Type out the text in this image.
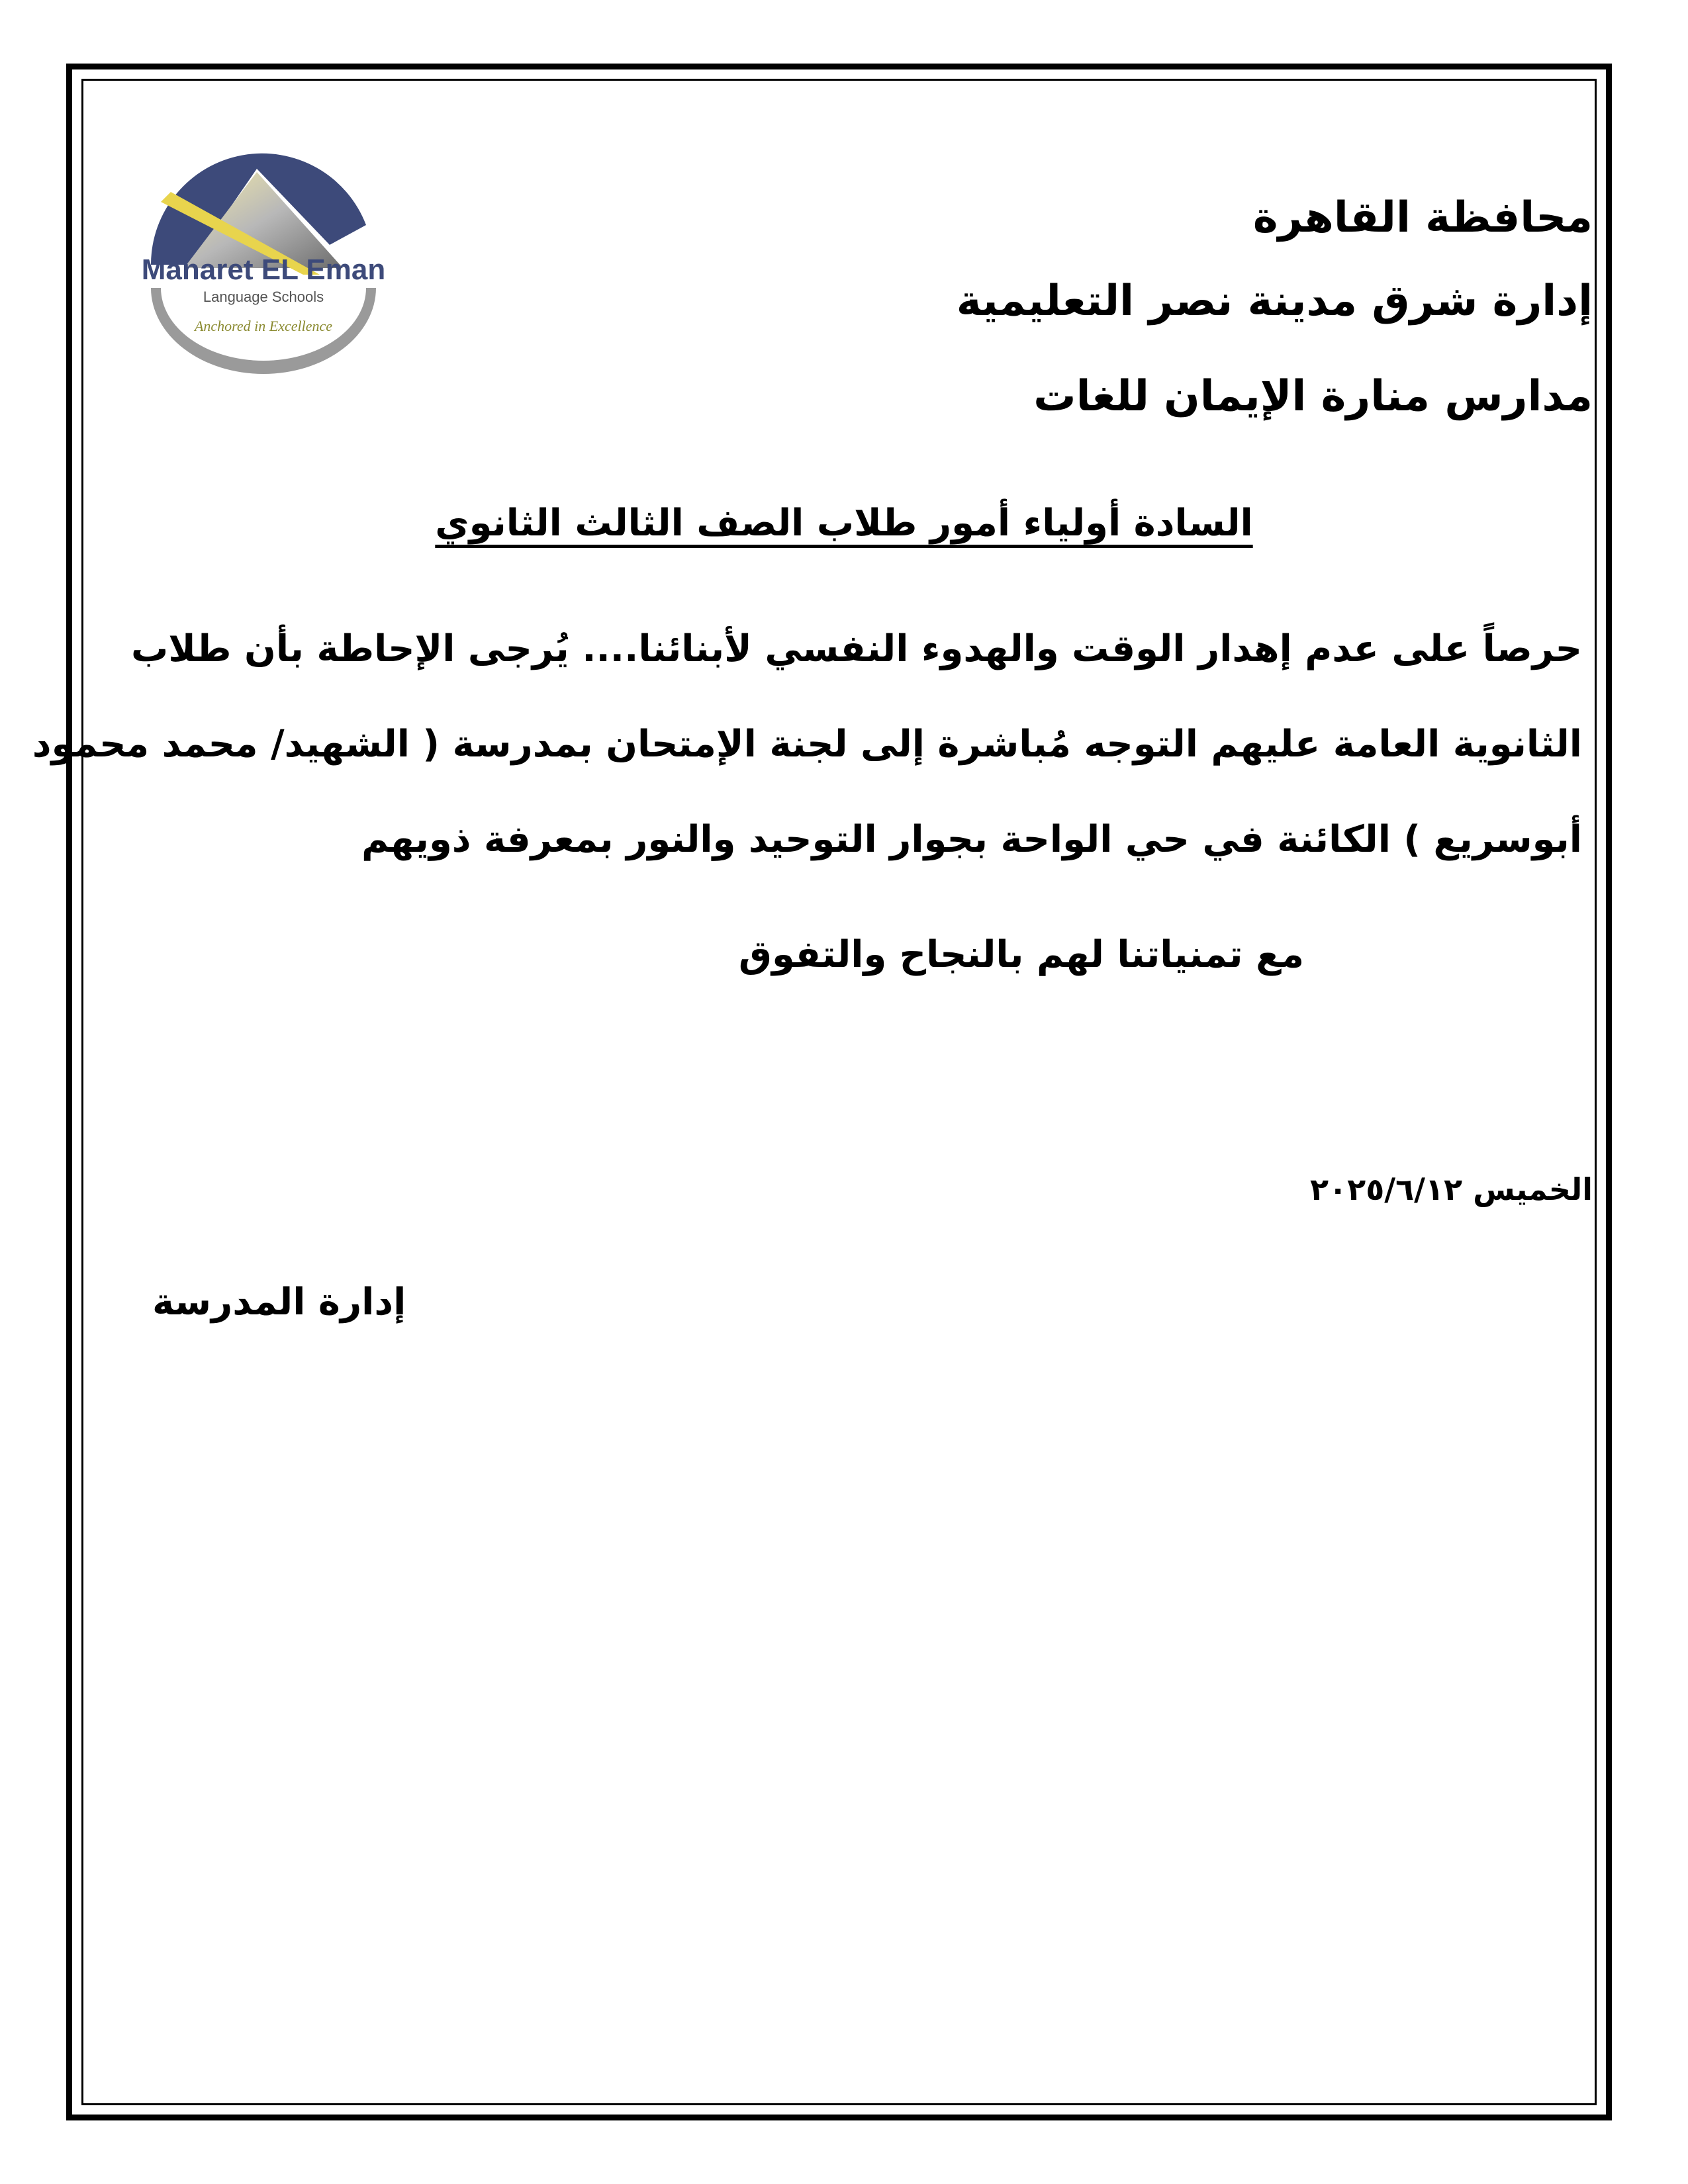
Manaret EL Eman
Language Schools
Anchored in Excellence
محافظة القاهرة
إدارة شرق مدينة نصر التعليمية
مدارس منارة الإيمان للغات
السادة أولياء أمور طلاب الصف الثالث الثانوي
حرصاً على عدم إهدار الوقت والهدوء النفسي لأبنائنا.... يُرجى الإحاطة بأن طلاب
الثانوية العامة عليهم التوجه مُباشرة إلى لجنة الإمتحان بمدرسة ( الشهيد/ محمد محمود
أبوسريع ) الكائنة في حي الواحة بجوار التوحيد والنور بمعرفة ذويهم
مع تمنياتنا لهم بالنجاح والتفوق
الخميس ٢٠٢٥/٦/١٢
إدارة المدرسة
